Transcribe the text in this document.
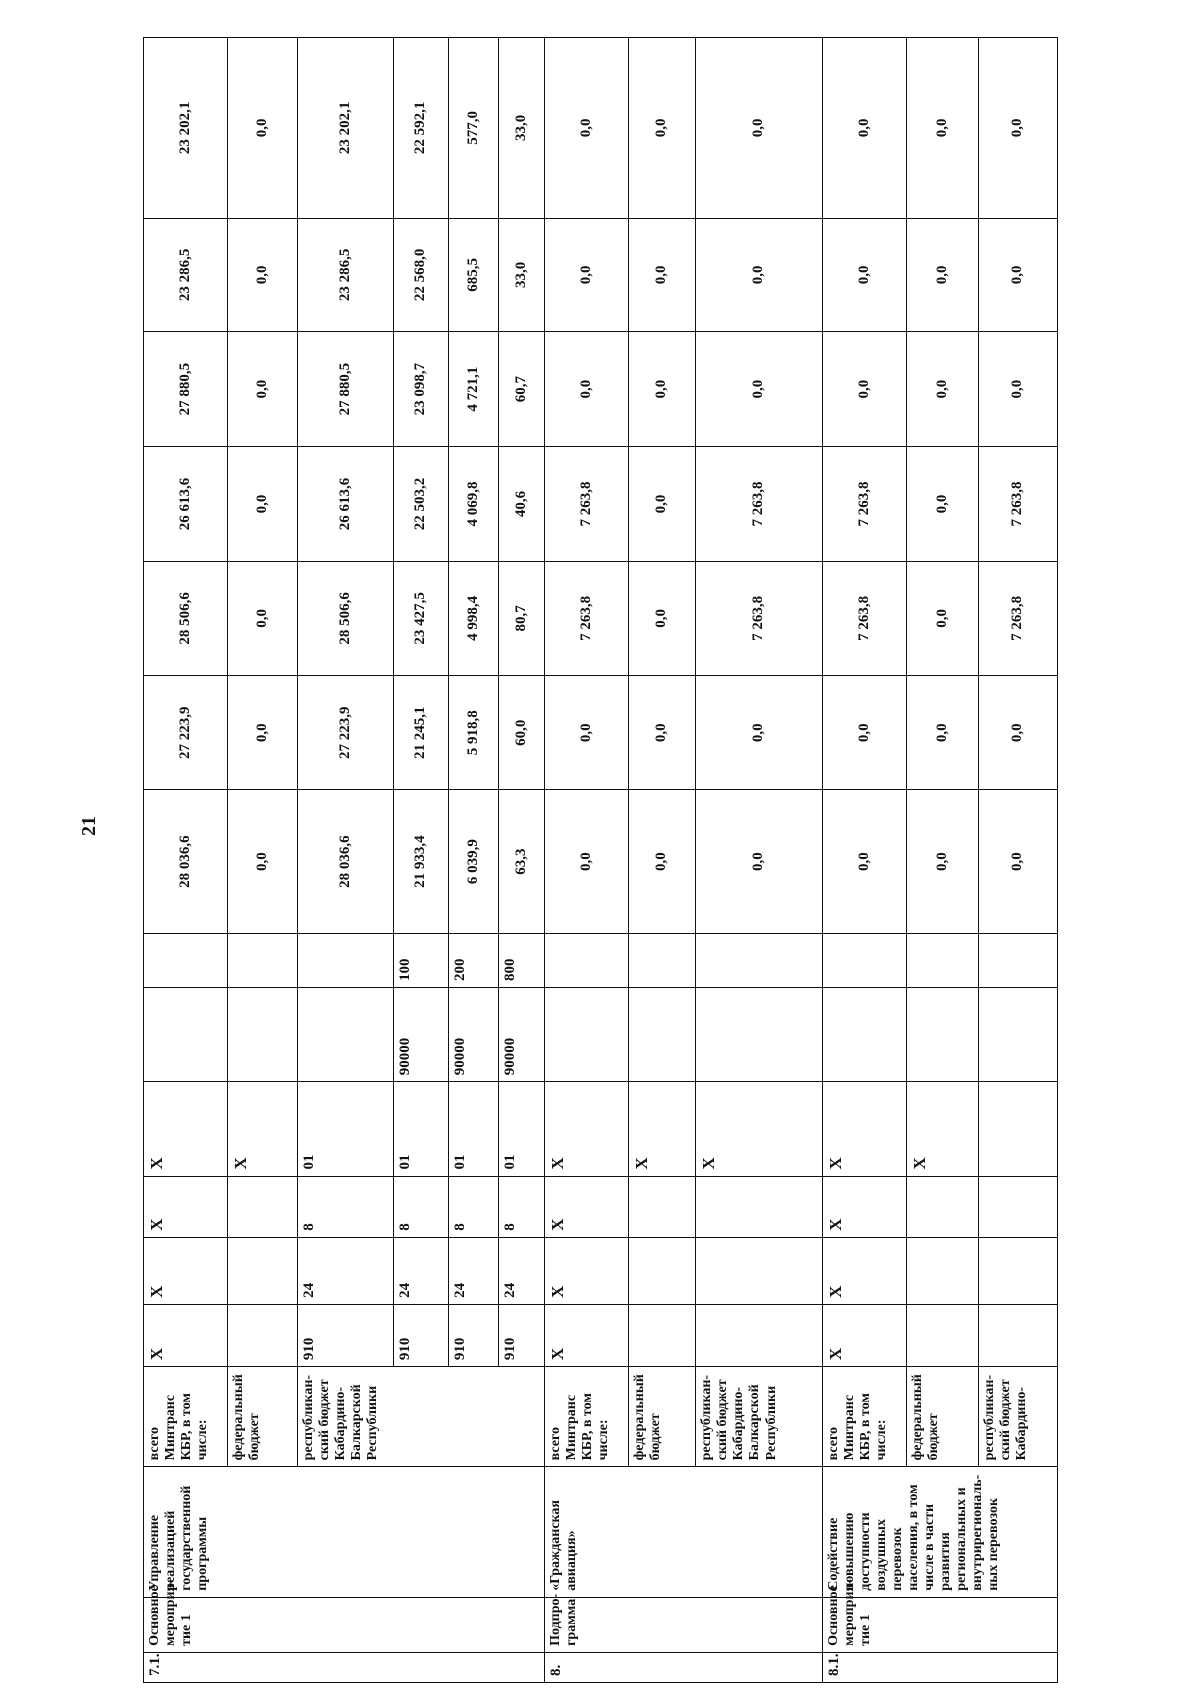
21
7.1.	Основное мероприя-тие 1	Управление реализацией государственной программы	всего Минтранс КБР, в том числе:	X	X	X	X			28 036,6	27 223,9	28 506,6	26 613,6	27 880,5	23 286,5	23 202,1
			федеральный бюджет				X			0,0	0,0	0,0	0,0	0,0	0,0	0,0
			республикан-ский бюджет Кабардино-Балкарской Республики	910	24	8	01			28 036,6	27 223,9	28 506,6	26 613,6	27 880,5	23 286,5	23 202,1
				910	24	8	01	90000	100	21 933,4	21 245,1	23 427,5	22 503,2	23 098,7	22 568,0	22 592,1
				910	24	8	01	90000	200	6 039,9	5 918,8	4 998,4	4 069,8	4 721,1	685,5	577,0
				910	24	8	01	90000	800	63,3	60,0	80,7	40,6	60,7	33,0	33,0
8.	Подпро-грамма	«Гражданская авиация»	всего Минтранс КБР, в том числе:	X	X	X	X			0,0	0,0	7 263,8	7 263,8	0,0	0,0	0,0
			федеральный бюджет				X			0,0	0,0	0,0	0,0	0,0	0,0	0,0
			республикан-ский бюджет Кабардино-Балкарской Республики				X			0,0	0,0	7 263,8	7 263,8	0,0	0,0	0,0
8.1.	Основное мероприя-тие 1	Содействие повышению доступности воздушных перевозок населения, в том числе в части развития региональных и внутрирегиональ-ных перевозок	всего Минтранс КБР, в том числе:	X	X	X	X			0,0	0,0	7 263,8	7 263,8	0,0	0,0	0,0
			федеральный бюджет				X			0,0	0,0	0,0	0,0	0,0	0,0	0,0
			республикан-ский бюджет Кабардино-							0,0	0,0	7 263,8	7 263,8	0,0	0,0	0,0
